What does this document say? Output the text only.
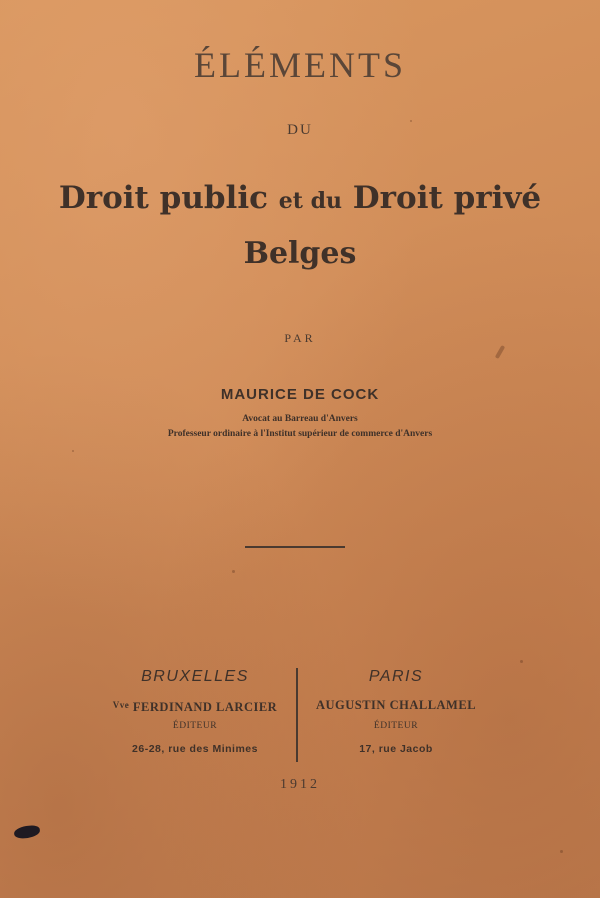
ÉLÉMENTS
DU
Droit public et du Droit privé
Belges
PAR
MAURICE DE COCK
Avocat au Barreau d'Anvers
Professeur ordinaire à l'Institut supérieur de commerce d'Anvers
BRUXELLES
$^{Vve}$ FERDINAND LARCIER
ÉDITEUR
26-28, rue des Minimes
PARIS
AUGUSTIN CHALLAMEL
ÉDITEUR
17, rue Jacob
1912
